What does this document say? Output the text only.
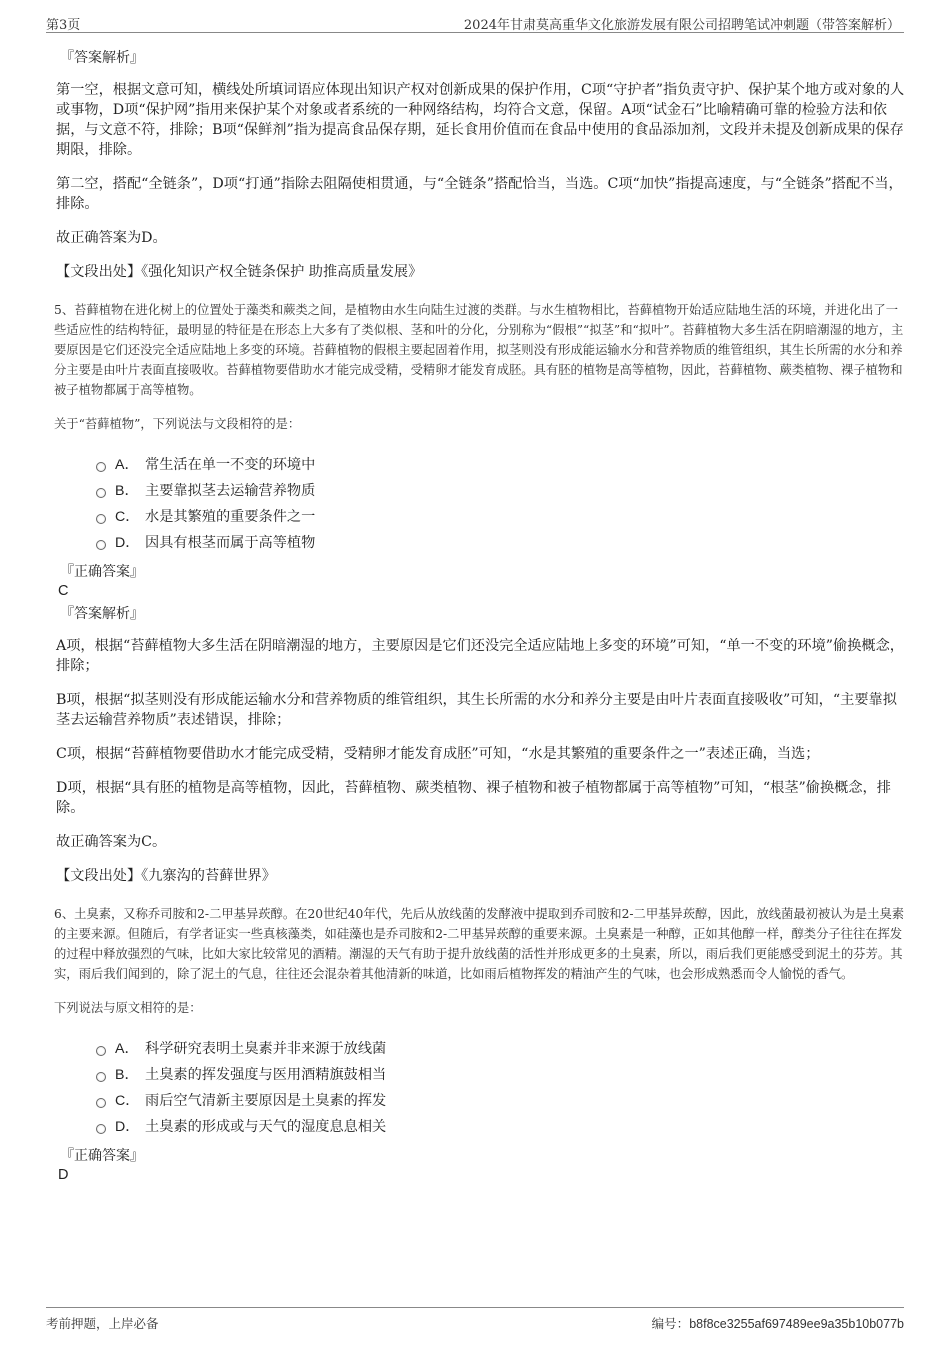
第3页	2024年甘肃莫高重华文化旅游发展有限公司招聘笔试冲刺题（带答案解析）
『答案解析』

第一空，根据文意可知，横线处所填词语应体现出知识产权对创新成果的保护作用，C项“守护者”指负责守护、保护某个地方或对象的人或事物，D项“保护网”指用来保护某个对象或者系统的一种网络结构，均符合文意，保留。A项“试金石”比喻精确可靠的检验方法和依据，与文意不符，排除；B项“保鲜剂”指为提高食品保存期，延长食用价值而在食品中使用的食品添加剂，文段并未提及创新成果的保存期限，排除。

第二空，搭配“全链条”，D项“打通”指除去阻隔使相贯通，与“全链条”搭配恰当，当选。C项“加快”指提高速度，与“全链条”搭配不当，排除。

故正确答案为D。

【文段出处】《强化知识产权全链条保护 助推高质量发展》
5、苔藓植物在进化树上的位置处于藻类和蕨类之间，是植物由水生向陆生过渡的类群。与水生植物相比，苔藓植物开始适应陆地生活的环境，并进化出了一些适应性的结构特征，最明显的特征是在形态上大多有了类似根、茎和叶的分化，分别称为“假根”“拟茎”和“拟叶”。苔藓植物大多生活在阴暗潮湿的地方，主要原因是它们还没完全适应陆地上多变的环境。苔藓植物的假根主要起固着作用，拟茎则没有形成能运输水分和营养物质的维管组织，其生长所需的水分和养分主要是由叶片表面直接吸收。苔藓植物要借助水才能完成受精，受精卵才能发育成胚。具有胚的植物是高等植物，因此，苔藓植物、蕨类植物、裸子植物和被子植物都属于高等植物。
关于“苔藓植物”，下列说法与文段相符的是：
A． 常生活在单一不变的环境中
B． 主要靠拟茎去运输营养物质
C． 水是其繁殖的重要条件之一
D． 因具有根茎而属于高等植物
『正确答案』
C
『答案解析』

A项，根据“苔藓植物大多生活在阴暗潮湿的地方，主要原因是它们还没完全适应陆地上多变的环境”可知，“单一不变的环境”偷换概念，排除；

B项，根据“拟茎则没有形成能运输水分和营养物质的维管组织，其生长所需的水分和养分主要是由叶片表面直接吸收”可知，“主要靠拟茎去运输营养物质”表述错误，排除；

C项，根据“苔藓植物要借助水才能完成受精，受精卵才能发育成胚”可知，“水是其繁殖的重要条件之一”表述正确，当选；

D项，根据“具有胚的植物是高等植物，因此，苔藓植物、蕨类植物、裸子植物和被子植物都属于高等植物”可知，“根茎”偷换概念，排除。

故正确答案为C。

【文段出处】《九寨沟的苔藓世界》
6、土臭素，又称乔司胺和2-二甲基异莰醇。在20世纪40年代，先后从放线菌的发酵液中提取到乔司胺和2-二甲基异莰醇，因此，放线菌最初被认为是土臭素的主要来源。但随后，有学者证实一些真核藻类，如硅藻也是乔司胺和2-二甲基异莰醇的重要来源。土臭素是一种醇，正如其他醇一样，醇类分子往往在挥发的过程中释放强烈的气味，比如大家比较常见的酒精。潮湿的天气有助于提升放线菌的活性并形成更多的土臭素，所以，雨后我们更能感受到泥土的芬芳。其实，雨后我们闻到的，除了泥土的气息，往往还会混杂着其他清新的味道，比如雨后植物挥发的精油产生的气味，也会形成熟悉而令人愉悦的香气。
下列说法与原文相符的是：
A． 科学研究表明土臭素并非来源于放线菌
B． 土臭素的挥发强度与医用酒精旗鼓相当
C． 雨后空气清新主要原因是土臭素的挥发
D． 土臭素的形成或与天气的湿度息息相关
『正确答案』
D
考前押题，上岸必备	编号：b8f8ce3255af697489ee9a35b10b077b
